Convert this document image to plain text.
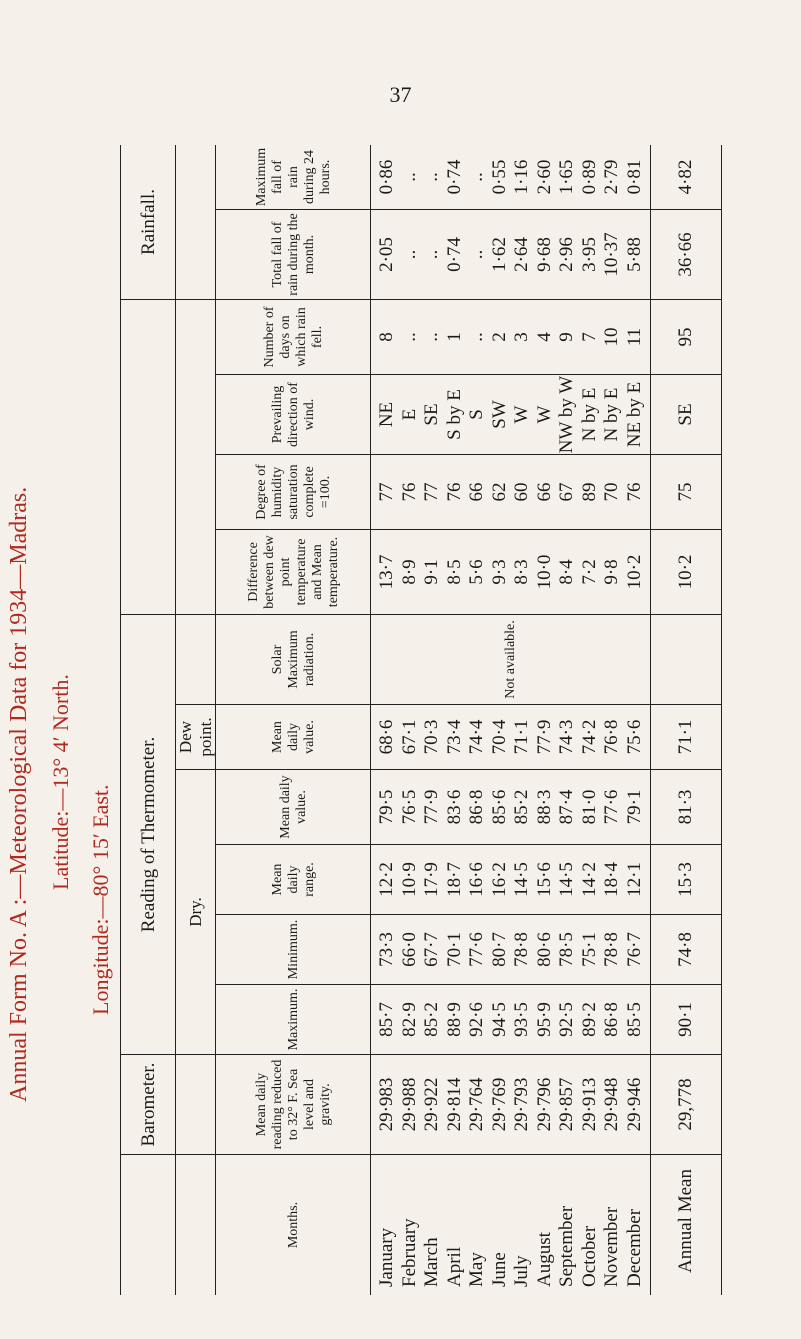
37
Annual Form No. A :—Meteorological Data for 1934—Madras. Latitude:—13° 4′ North.
Longitude:—80° 15′ East.
Barometer.
Reading of Thermometer.
Rainfall.
Dry.
Dew point.
Months.
Mean daily reading reduced to 32° F. Sea level and gravity.
Maximum.
Minimum.
Mean daily range.
Mean daily value.
Mean daily value.
Solar Maximum radiation.
Difference between dew point temperature and Mean temperature.
Degree of humidity saturation complete =100.
Prevailing direction of wind.
Number of days on which rain fell.
Total fall of rain during the month.
Maximum fall of rain during 24 hours.
January February March April May June July August September October November December
29·983 29·988 29·922 29·814 29·764 29·769 29·793 29·796 29·857 29·913 29·948 29·946
85·7 82·9 85·2 88·9 92·6 94·5 93·5 95·9 92·5 89·2 86·8 85·5
73·3 66·0 67·7 70·1 77·6 80·7 78·8 80·6 78·5 75·1 78·8 76·7
12·2 10·9 17·9 18·7 16·6 16·2 14·5 15·6 14·5 14·2 18·4 12·1
79·5 76·5 77·9 83·6 86·8 85·6 85·2 88·3 87·4 81·0 77·6 79·1
68·6 67·1 70·3 73·4 74·4 70·4 71·1 77·9 74·3 74·2 76·8 75·6
Not available.
13·7 8·9 9·1 8·5 5·6 9·3 8·3 10·0 8·4 7·2 9·8 10·2
77 76 77 76 66 62 60 66 67 89 70 76
NE E SE S by E S SW W W NW by W N by E N by E NE by E
8 .. .. 1 .. 2 3 4 9 7 10 11
2·05 .. .. 0·74 .. 1·62 2·64 9·68 2·96 3·95 10·37 5·88
0·86 .. .. 0·74 .. 0·55 1·16 2·60 1·65 0·89 2·79 0·81
Annual Mean
29,778
90·1
74·8
15·3
81·3
71·1
10·2
75
SE
95
36·66
4·82
